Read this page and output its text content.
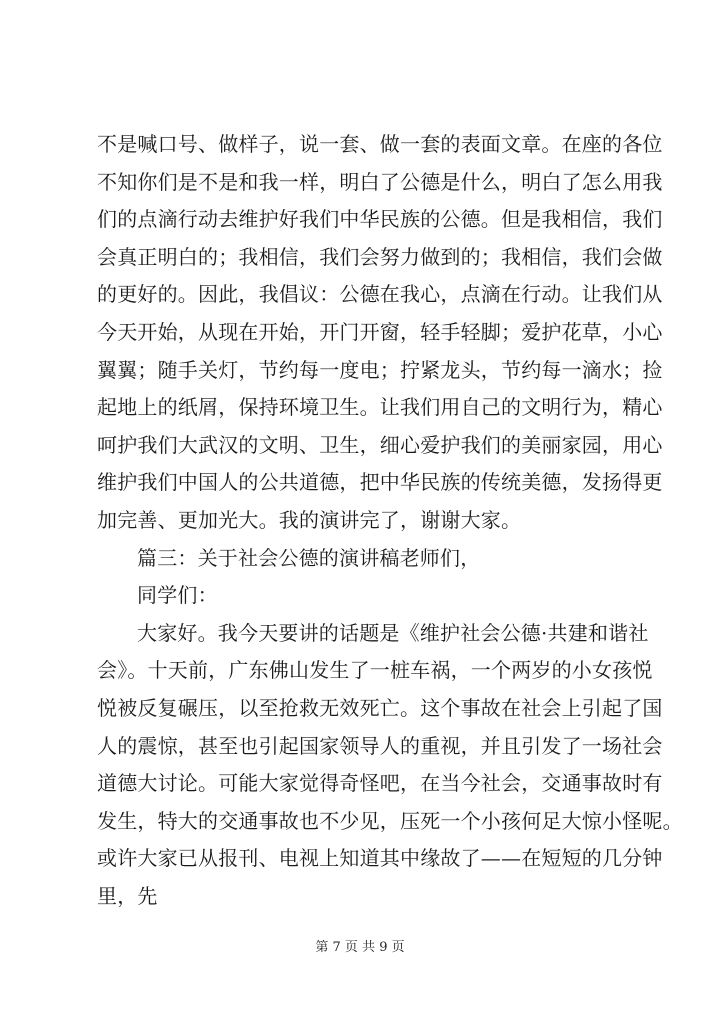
不是喊口号、做样子，说一套、做一套的表面文章。在座的各位
不知你们是不是和我一样，明白了公德是什么，明白了怎么用我
们的点滴行动去维护好我们中华民族的公德。但是我相信，我们
会真正明白的；我相信，我们会努力做到的；我相信，我们会做
的更好的。因此，我倡议：公德在我心，点滴在行动。让我们从
今天开始，从现在开始，开门开窗，轻手轻脚；爱护花草，小心
翼翼；随手关灯，节约每一度电；拧紧龙头，节约每一滴水；捡
起地上的纸屑，保持环境卫生。让我们用自己的文明行为，精心
呵护我们大武汉的文明、卫生，细心爱护我们的美丽家园，用心
维护我们中国人的公共道德，把中华民族的传统美德，发扬得更
加完善、更加光大。我的演讲完了，谢谢大家。
篇三：关于社会公德的演讲稿老师们，
同学们：
大家好。我今天要讲的话题是《维护社会公德·共建和谐社
会》。十天前，广东佛山发生了一桩车祸，一个两岁的小女孩悦
悦被反复碾压，以至抢救无效死亡。这个事故在社会上引起了国
人的震惊，甚至也引起国家领导人的重视，并且引发了一场社会
道德大讨论。可能大家觉得奇怪吧，在当今社会，交通事故时有
发生，特大的交通事故也不少见，压死一个小孩何足大惊小怪呢。
或许大家已从报刊、电视上知道其中缘故了——在短短的几分钟
里，先
第 7 页 共 9 页
